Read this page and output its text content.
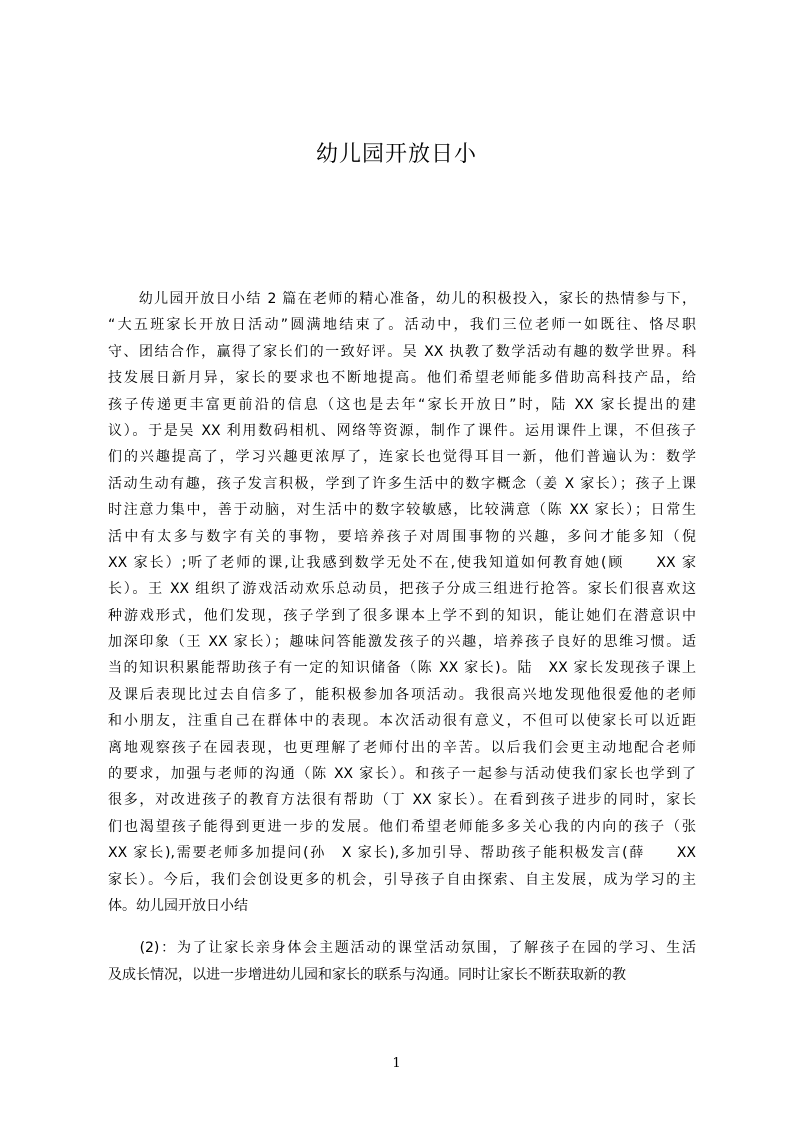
幼儿园开放日小
　　幼儿园开放日小结 2 篇在老师的精心准备，幼儿的积极投入，家长的热情参与下，
“大五班家长开放日活动”圆满地结束了。活动中，我们三位老师一如既往、恪尽职
守、团结合作，赢得了家长们的一致好评。吴 XX 执教了数学活动有趣的数学世界。科
技发展日新月异，家长的要求也不断地提高。他们希望老师能多借助高科技产品，给
孩子传递更丰富更前沿的信息（这也是去年“家长开放日”时，陆 XX 家长提出的建
议）。于是吴 XX 利用数码相机、网络等资源，制作了课件。运用课件上课，不但孩子
们的兴趣提高了，学习兴趣更浓厚了，连家长也觉得耳目一新，他们普遍认为：数学
活动生动有趣，孩子发言积极，学到了许多生活中的数字概念（姜 X 家长）；孩子上课
时注意力集中，善于动脑，对生活中的数字较敏感，比较满意（陈 XX 家长）；日常生
活中有太多与数字有关的事物，要培养孩子对周围事物的兴趣，多问才能多知（倪
XX 家长）;听了老师的课,让我感到数学无处不在,使我知道如何教育她(顾　　XX 家
长）。王 XX 组织了游戏活动欢乐总动员，把孩子分成三组进行抢答。家长们很喜欢这
种游戏形式，他们发现，孩子学到了很多课本上学不到的知识，能让她们在潜意识中
加深印象（王 XX 家长）；趣味问答能激发孩子的兴趣，培养孩子良好的思维习惯。适
当的知识积累能帮助孩子有一定的知识储备（陈 XX 家长)。陆　XX 家长发现孩子课上
及课后表现比过去自信多了，能积极参加各项活动。我很高兴地发现他很爱他的老师
和小朋友，注重自己在群体中的表现。本次活动很有意义，不但可以使家长可以近距
离地观察孩子在园表现，也更理解了老师付出的辛苦。以后我们会更主动地配合老师
的要求，加强与老师的沟通（陈 XX 家长）。和孩子一起参与活动使我们家长也学到了
很多，对改进孩子的教育方法很有帮助（丁 XX 家长）。在看到孩子进步的同时，家长
们也渴望孩子能得到更进一步的发展。他们希望老师能多多关心我的内向的孩子（张
XX 家长),需要老师多加提问(孙　X 家长),多加引导、帮助孩子能积极发言(薛　　XX
家长）。今后，我们会创设更多的机会，引导孩子自由探索、自主发展，成为学习的主
体。幼儿园开放日小结
　　(2)：为了让家长亲身体会主题活动的课堂活动氛围，了解孩子在园的学习、生活
及成长情况，以进一步增进幼儿园和家长的联系与沟通。同时让家长不断获取新的教
1
